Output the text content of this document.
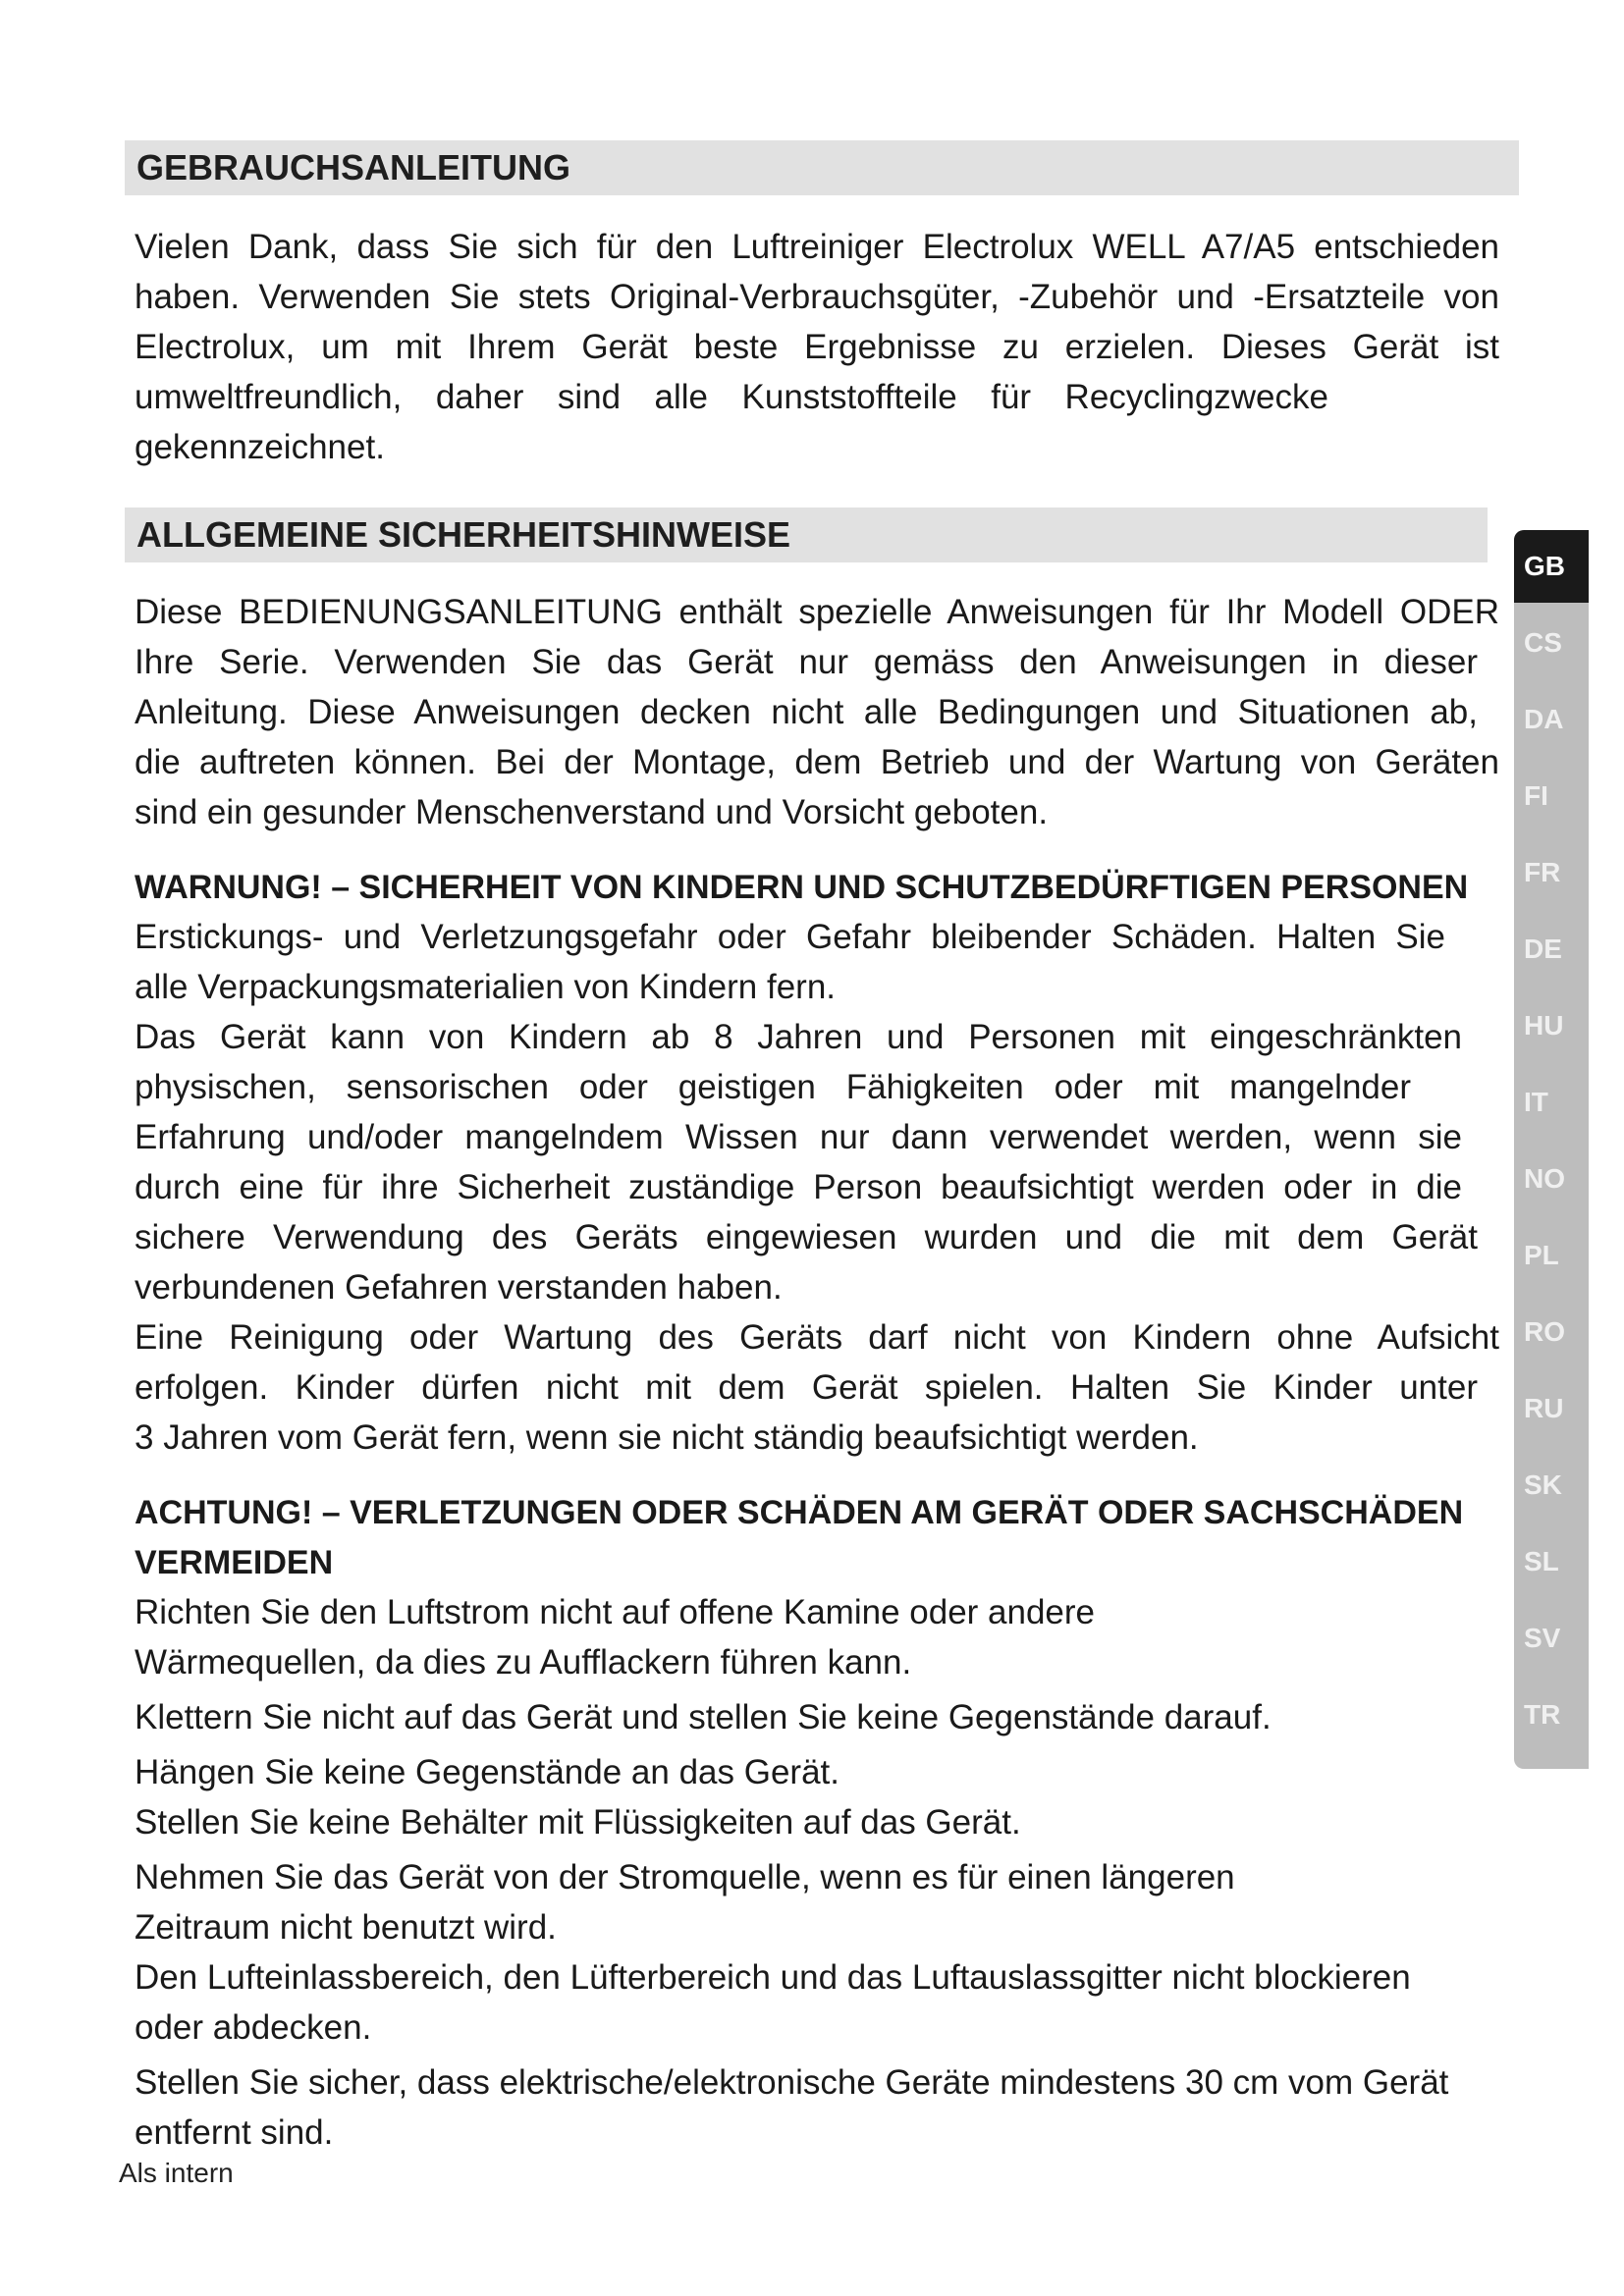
GEBRAUCHSANLEITUNG
Vielen Dank, dass Sie sich für den Luftreiniger Electrolux WELL A7/A5 entschieden
haben. Verwenden Sie stets Original-Verbrauchsgüter, -Zubehör und -Ersatzteile von
Electrolux, um mit Ihrem Gerät beste Ergebnisse zu erzielen. Dieses Gerät ist
umweltfreundlich, daher sind alle Kunststoffteile für Recyclingzwecke
gekennzeichnet.
ALLGEMEINE SICHERHEITSHINWEISE
Diese BEDIENUNGSANLEITUNG enthält spezielle Anweisungen für Ihr Modell ODER
Ihre Serie. Verwenden Sie das Gerät nur gemäss den Anweisungen in dieser
Anleitung. Diese Anweisungen decken nicht alle Bedingungen und Situationen ab,
die auftreten können. Bei der Montage, dem Betrieb und der Wartung von Geräten
sind ein gesunder Menschenverstand und Vorsicht geboten.
WARNUNG! – SICHERHEIT VON KINDERN UND SCHUTZBEDÜRFTIGEN PERSONEN
Erstickungs- und Verletzungsgefahr oder Gefahr bleibender Schäden. Halten Sie
alle Verpackungsmaterialien von Kindern fern.
Das Gerät kann von Kindern ab 8 Jahren und Personen mit eingeschränkten
physischen, sensorischen oder geistigen Fähigkeiten oder mit mangelnder
Erfahrung und/oder mangelndem Wissen nur dann verwendet werden, wenn sie
durch eine für ihre Sicherheit zuständige Person beaufsichtigt werden oder in die
sichere Verwendung des Geräts eingewiesen wurden und die mit dem Gerät
verbundenen Gefahren verstanden haben.
Eine Reinigung oder Wartung des Geräts darf nicht von Kindern ohne Aufsicht
erfolgen. Kinder dürfen nicht mit dem Gerät spielen. Halten Sie Kinder unter
3 Jahren vom Gerät fern, wenn sie nicht ständig beaufsichtigt werden.
ACHTUNG! – VERLETZUNGEN ODER SCHÄDEN AM GERÄT ODER SACHSCHÄDEN
VERMEIDEN
Richten Sie den Luftstrom nicht auf offene Kamine oder andere
Wärmequellen, da dies zu Aufflackern führen kann.
Klettern Sie nicht auf das Gerät und stellen Sie keine Gegenstände darauf.
Hängen Sie keine Gegenstände an das Gerät.
Stellen Sie keine Behälter mit Flüssigkeiten auf das Gerät.
Nehmen Sie das Gerät von der Stromquelle, wenn es für einen längeren
Zeitraum nicht benutzt wird.
Den Lufteinlassbereich, den Lüfterbereich und das Luftauslassgitter nicht blockieren
oder abdecken.
Stellen Sie sicher, dass elektrische/elektronische Geräte mindestens 30 cm vom Gerät
entfernt sind.
Als intern
GB
CS
DA
FI
FR
DE
HU
IT
NO
PL
RO
RU
SK
SL
SV
TR
